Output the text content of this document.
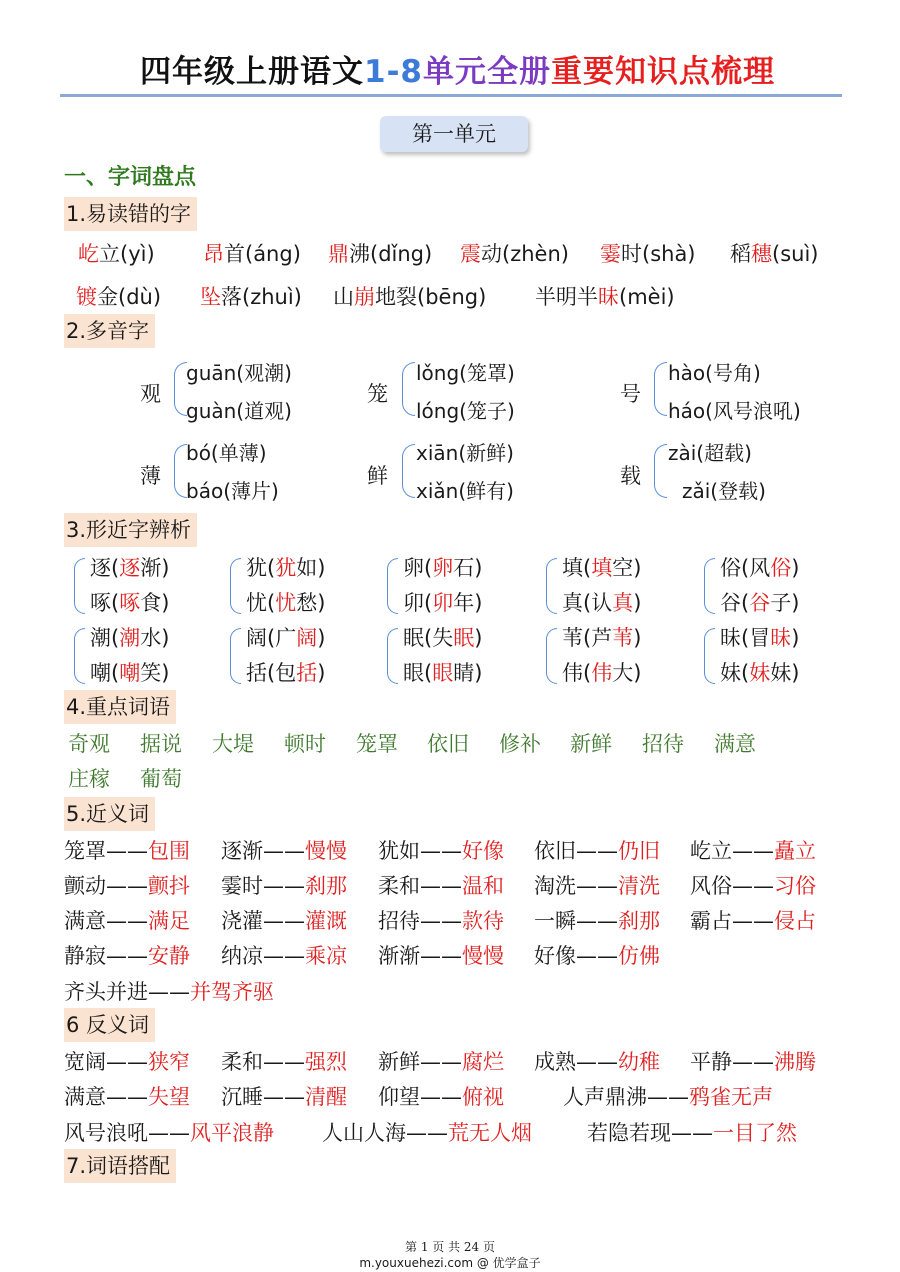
四年级上册语文1-8单元全册重要知识点梳理
第一单元
一、字词盘点
1.易读错的字
屹立(yì) 昂首(áng) 鼎沸(dǐng) 震动(zhèn) 霎时(shà) 稻穗(suì)
镀金(dù) 坠落(zhuì) 山崩地裂(bēng) 半明半昧(mèi)
2.多音字
观
guān(观潮)
guàn(道观)
笼
lǒng(笼罩)
lóng(笼子)
号
hào(号角)
háo(风号浪吼)
薄
bó(单薄)
báo(薄片)
鲜
xiān(新鲜)
xiǎn(鲜有)
载
zài(超载)
zǎi(登载)
3.形近字辨析
逐(逐渐)
啄(啄食)
犹(犹如)
忧(忧愁)
卵(卵石)
卯(卯年)
填(填空)
真(认真)
俗(风俗)
谷(谷子)
潮(潮水)
嘲(嘲笑)
阔(广阔)
括(包括)
眠(失眠)
眼(眼睛)
苇(芦苇)
伟(伟大)
昧(冒昧)
妹(妹妹)
4.重点词语
奇观 据说 大堤 顿时 笼罩 依旧 修补 新鲜 招待 满意
庄稼 葡萄
5.近义词
笼罩——包围 逐渐——慢慢 犹如——好像 依旧——仍旧 屹立——矗立
颤动——颤抖 霎时——刹那 柔和——温和 淘洗——清洗 风俗——习俗
满意——满足 浇灌——灌溉 招待——款待 一瞬——刹那 霸占——侵占
静寂——安静 纳凉——乘凉 渐渐——慢慢 好像——仿佛
齐头并进——并驾齐驱
6 反义词
宽阔——狭窄 柔和——强烈 新鲜——腐烂 成熟——幼稚 平静——沸腾
满意——失望 沉睡——清醒 仰望——俯视	人声鼎沸——鸦雀无声
风号浪吼——风平浪静 人山人海——荒无人烟	若隐若现——一目了然
7.词语搭配
第 1 页 共 24 页
m.youxuehezi.com @ 优学盒子
